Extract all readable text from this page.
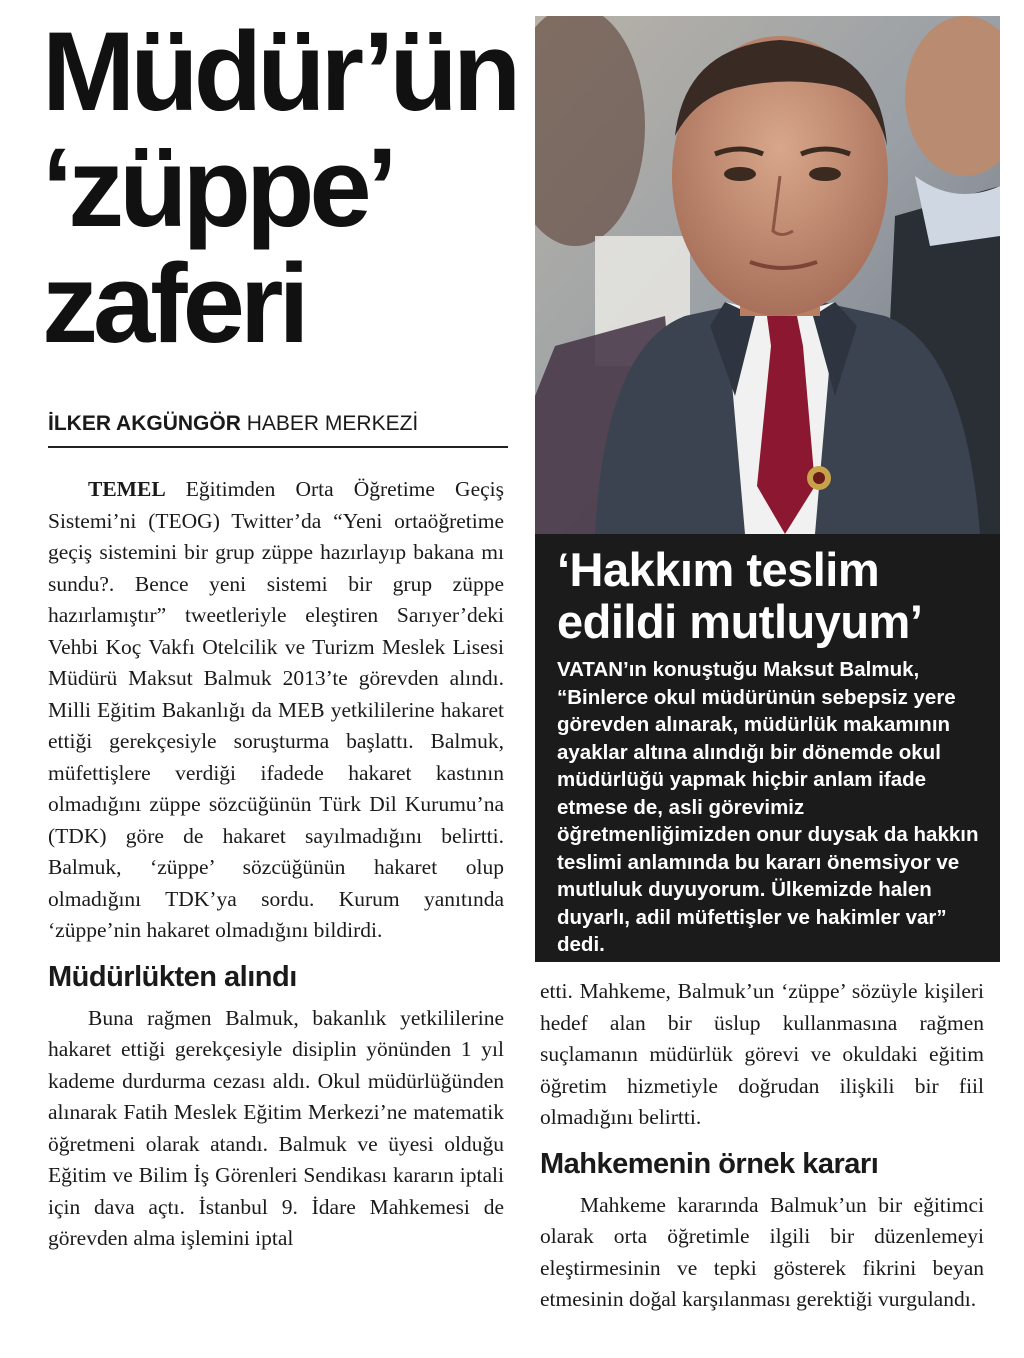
Müdür’ün
‘züppe’
zaferi
İLKER AKGÜNGÖR HABER MERKEZİ

TEMEL Eğitimden Orta Öğretime Geçiş Sistemi’ni (TEOG) Twitter’da “Yeni ortaöğretime geçiş sistemini bir grup züppe hazırlayıp bakana mı sundu?. Bence yeni sistemi bir grup züppe hazırlamıştır” tweetleriyle eleştiren Sarıyer’deki Vehbi Koç Vakfı Otelcilik ve Turizm Meslek Lisesi Müdürü Maksut Balmuk 2013’te görevden alındı. Milli Eğitim Bakanlığı da MEB yetkililerine hakaret ettiği gerekçesiyle soruşturma başlattı. Balmuk, müfettişlere verdiği ifadede hakaret kastının olmadığını züppe sözcüğünün Türk Dil Kurumu’na (TDK) göre de hakaret sayılmadığını belirtti. Balmuk, ‘züppe’ sözcüğünün hakaret olup olmadığını TDK’ya sordu. Kurum yanıtında ‘züppe’nin hakaret olmadığını bildirdi.

Müdürlükten alındı

Buna rağmen Balmuk, bakanlık yetkililerine hakaret ettiği gerekçesiyle disiplin yönünden 1 yıl kademe durdurma cezası aldı. Okul müdürlüğünden alınarak Fatih Meslek Eğitim Merkezi’ne matematik öğretmeni olarak atandı. Balmuk ve üyesi olduğu Eğitim ve Bilim İş Görenleri Sendikası kararın iptali için dava açtı. İstanbul 9. İdare Mahkemesi de görevden alma işlemini iptal

‘Hakkım teslim edildi mutluyum’

VATAN’ın konuştuğu Maksut Balmuk, “Binlerce okul müdürünün sebepsiz yere görevden alınarak, müdürlük makamının ayaklar altına alındığı bir dönemde okul müdürlüğü yapmak hiçbir anlam ifade etmese de, asli görevimiz öğretmenliğimizden onur duysak da hakkın teslimi anlamında bu kararı önemsiyor ve mutluluk duyuyorum. Ülkemizde halen duyarlı, adil müfettişler ve hakimler var” dedi.

etti. Mahkeme, Balmuk’un ‘züppe’ sözüyle kişileri hedef alan bir üslup kullanmasına rağmen suçlamanın müdürlük görevi ve okuldaki eğitim öğretim hizmetiyle doğrudan ilişkili bir fiil olmadığını belirtti.

Mahkemenin örnek kararı

Mahkeme kararında Balmuk’un bir eğitimci olarak orta öğretimle ilgili bir düzenlemeyi eleştirmesinin ve tepki gösterek fikrini beyan etmesinin doğal karşılanması gerektiği vurgulandı.
